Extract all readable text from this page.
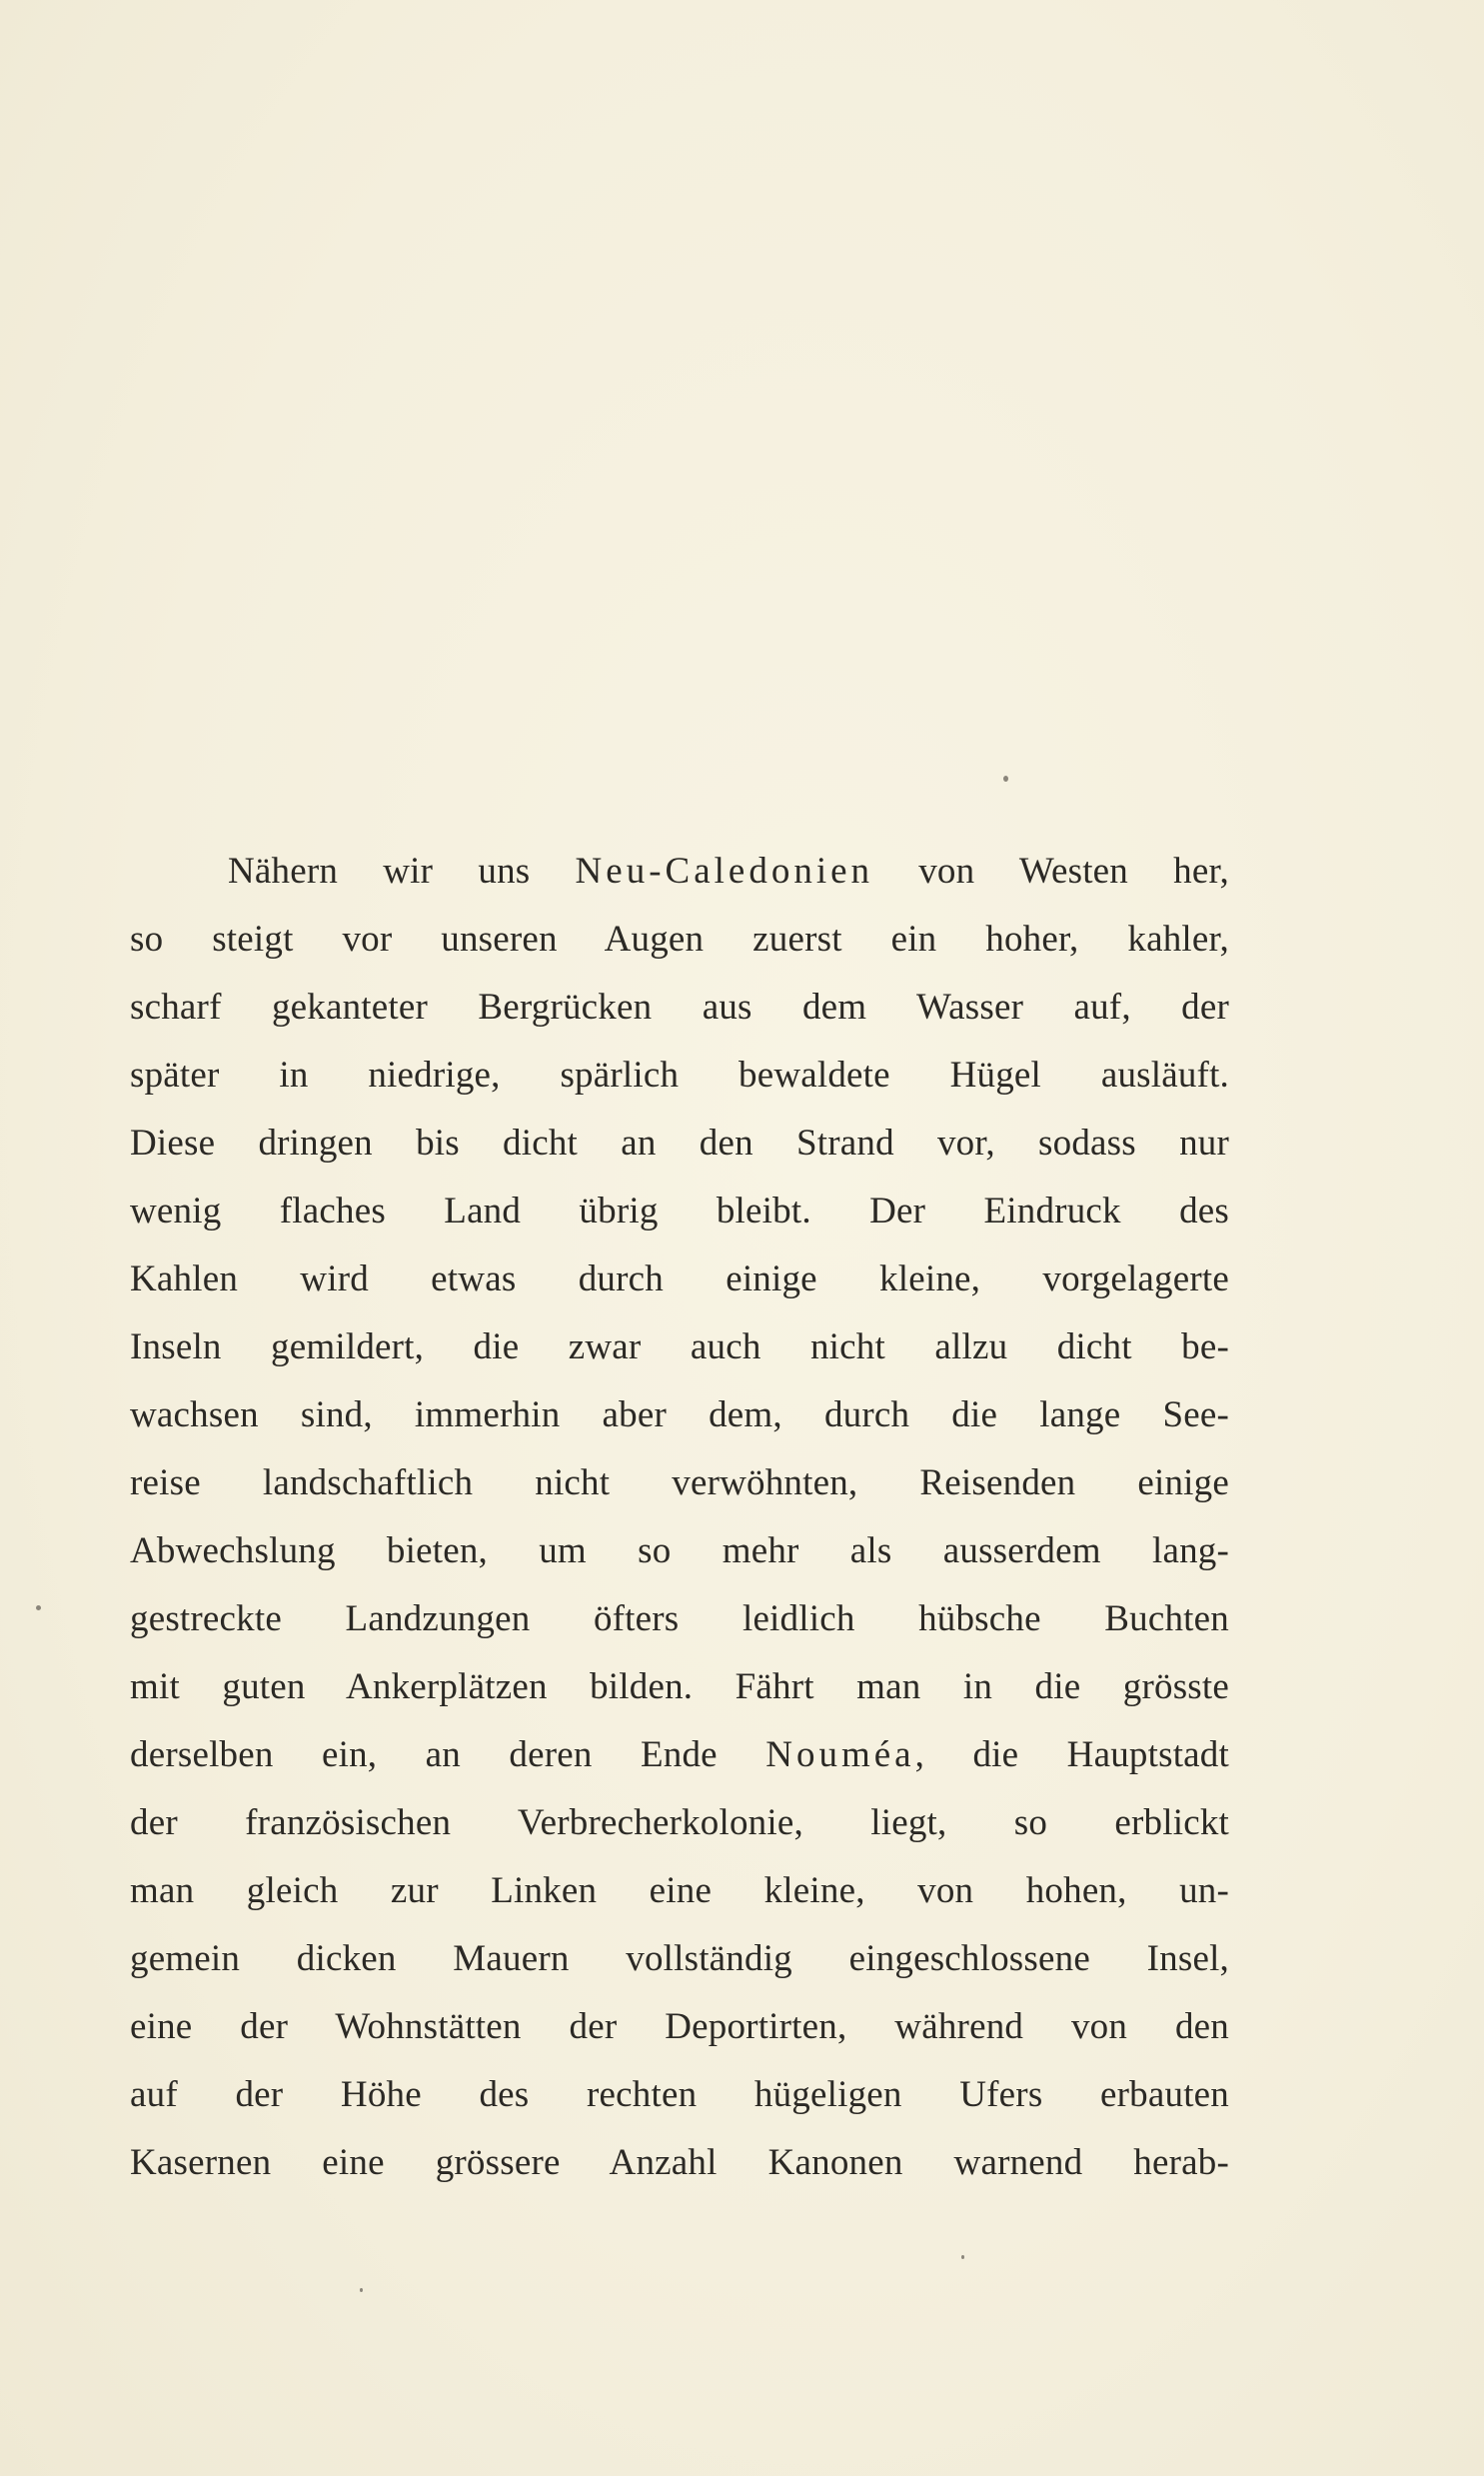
Nähern wir uns Neu-Caledonien von Westen her,
so steigt vor unseren Augen zuerst ein hoher, kahler,
scharf gekanteter Bergrücken aus dem Wasser auf, der
später in niedrige, spärlich bewaldete Hügel ausläuft.
Diese dringen bis dicht an den Strand vor, sodass nur
wenig flaches Land übrig bleibt. Der Eindruck des
Kahlen wird etwas durch einige kleine, vorgelagerte
Inseln gemildert, die zwar auch nicht allzu dicht be-
wachsen sind, immerhin aber dem, durch die lange See-
reise landschaftlich nicht verwöhnten, Reisenden einige
Abwechslung bieten, um so mehr als ausserdem lang-
gestreckte Landzungen öfters leidlich hübsche Buchten
mit guten Ankerplätzen bilden. Fährt man in die grösste
derselben ein, an deren Ende Nouméa, die Hauptstadt
der französischen Verbrecherkolonie, liegt, so erblickt
man gleich zur Linken eine kleine, von hohen, un-
gemein dicken Mauern vollständig eingeschlossene Insel,
eine der Wohnstätten der Deportirten, während von den
auf der Höhe des rechten hügeligen Ufers erbauten
Kasernen eine grössere Anzahl Kanonen warnend herab-
